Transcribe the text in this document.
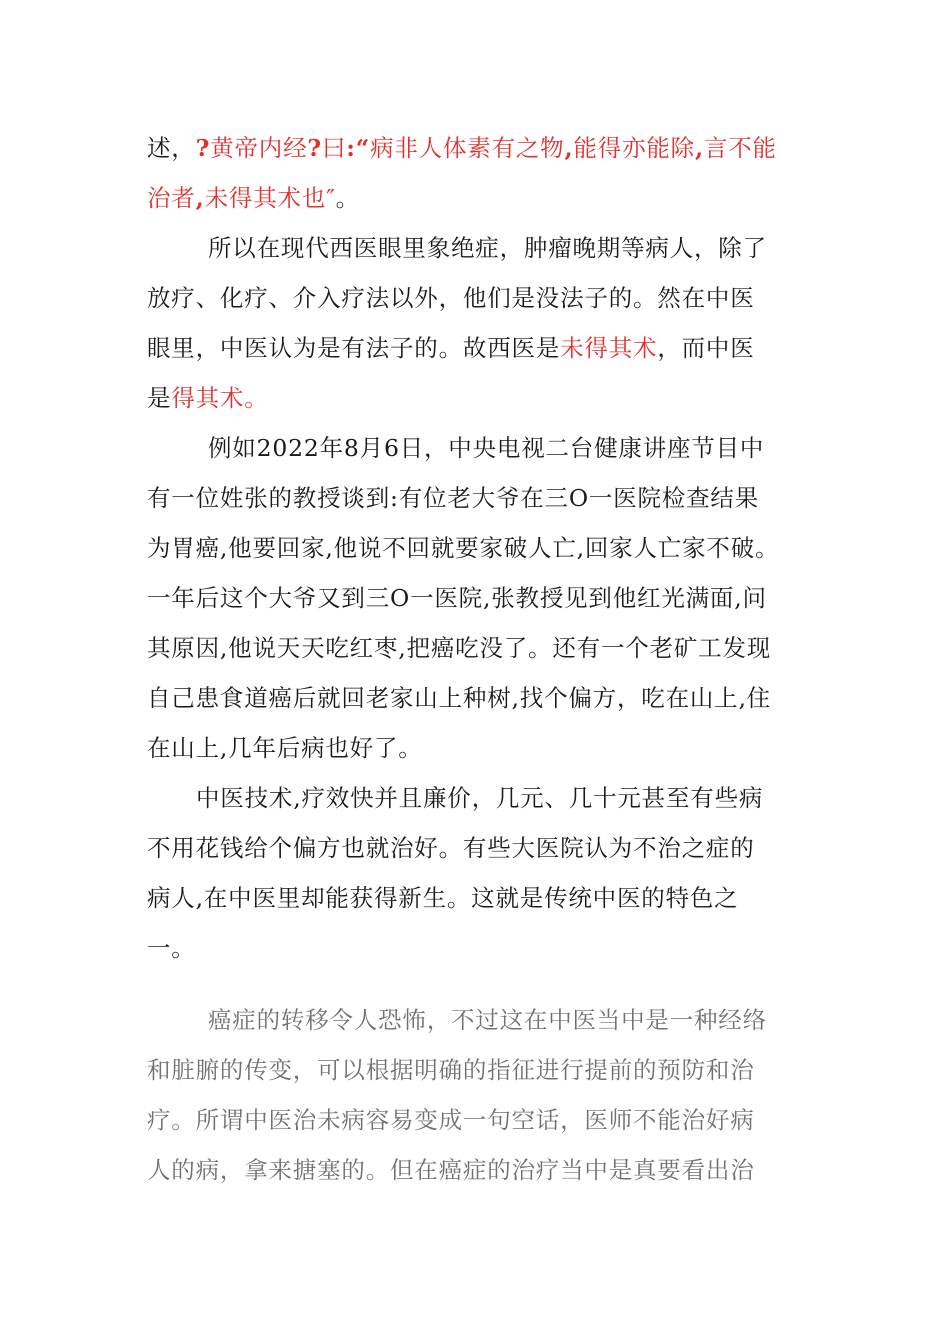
述，?黄帝内经?曰:“病非人体素有之物,能得亦能除,言不能
治者,未得其术也″。
所以在现代西医眼里象绝症，肿瘤晚期等病人，除了
放疗、化疗、介入疗法以外，他们是没法子的。然在中医
眼里，中医认为是有法子的。故西医是未得其术，而中医
是得其术。
例如2022年8月6日，中央电视二台健康讲座节目中
有一位姓张的教授谈到:有位老大爷在三O一医院检查结果
为胃癌,他要回家,他说不回就要家破人亡,回家人亡家不破。
一年后这个大爷又到三O一医院,张教授见到他红光满面,问
其原因,他说天天吃红枣,把癌吃没了。还有一个老矿工发现
自己患食道癌后就回老家山上种树,找个偏方，吃在山上,住
在山上,几年后病也好了。
中医技术,疗效快并且廉价，几元、几十元甚至有些病
不用花钱给个偏方也就治好。有些大医院认为不治之症的
病人,在中医里却能获得新生。这就是传统中医的特色之
一。
癌症的转移令人恐怖，不过这在中医当中是一种经络
和脏腑的传变，可以根据明确的指征进行提前的预防和治
疗。所谓中医治未病容易变成一句空话，医师不能治好病
人的病，拿来搪塞的。但在癌症的治疗当中是真要看出治
